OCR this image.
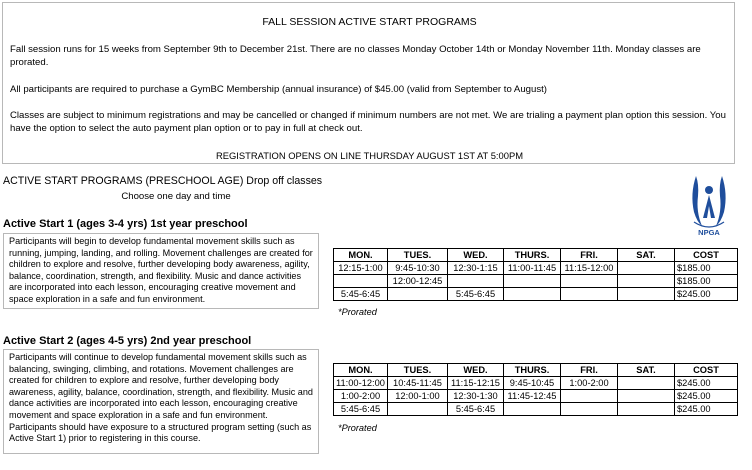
FALL SESSION ACTIVE START PROGRAMS
Fall session runs for 15 weeks from September 9th to December 21st. There are no classes Monday October 14th or Monday November 11th. Monday classes are prorated.
All participants are required to purchase a GymBC Membership (annual insurance) of $45.00 (valid from September to August)
Classes are subject to minimum registrations and may be cancelled or changed if minimum numbers are not met. We are trialing a payment plan option this session. You have the option to select the auto payment plan option or to pay in full at check out.
REGISTRATION OPENS ON LINE THURSDAY AUGUST 1ST AT 5:00PM
ACTIVE START PROGRAMS (PRESCHOOL AGE) Drop off classes
Choose one day and time
NPGA
Active Start 1 (ages 3-4 yrs) 1st year preschool
Participants will begin to develop fundamental movement skills such as running, jumping, landing, and rolling. Movement challenges are created for children to explore and resolve, further developing body awareness, agility, balance, coordination, strength, and flexibility. Music and dance activities are incorporated into each lesson, encouraging creative movement and space exploration in a safe and fun environment.
MON.	TUES.	WED.	THURS.	FRI.	SAT.	COST
12:15-1:00	9:45-10:30	12:30-1:15	11:00-11:45	11:15-12:00		$185.00
	12:00-12:45					$185.00
5:45-6:45		5:45-6:45				$245.00
*Prorated
Active Start 2 (ages 4-5 yrs) 2nd year preschool
Participants will continue to develop fundamental movement skills such as balancing, swinging, climbing, and rotations. Movement challenges are created for children to explore and resolve, further developing body awareness, agility, balance, coordination, strength, and flexibility. Music and dance activities are incorporated into each lesson, encouraging creative movement and space exploration in a safe and fun environment. Participants should have exposure to a structured program setting (such as Active Start 1) prior to registering in this course.
MON.	TUES.	WED.	THURS.	FRI.	SAT.	COST
11:00-12:00	10:45-11:45	11:15-12:15	9:45-10:45	1:00-2:00		$245.00
1:00-2:00	12:00-1:00	12:30-1:30	11:45-12:45			$245.00
5:45-6:45		5:45-6:45				$245.00
*Prorated
